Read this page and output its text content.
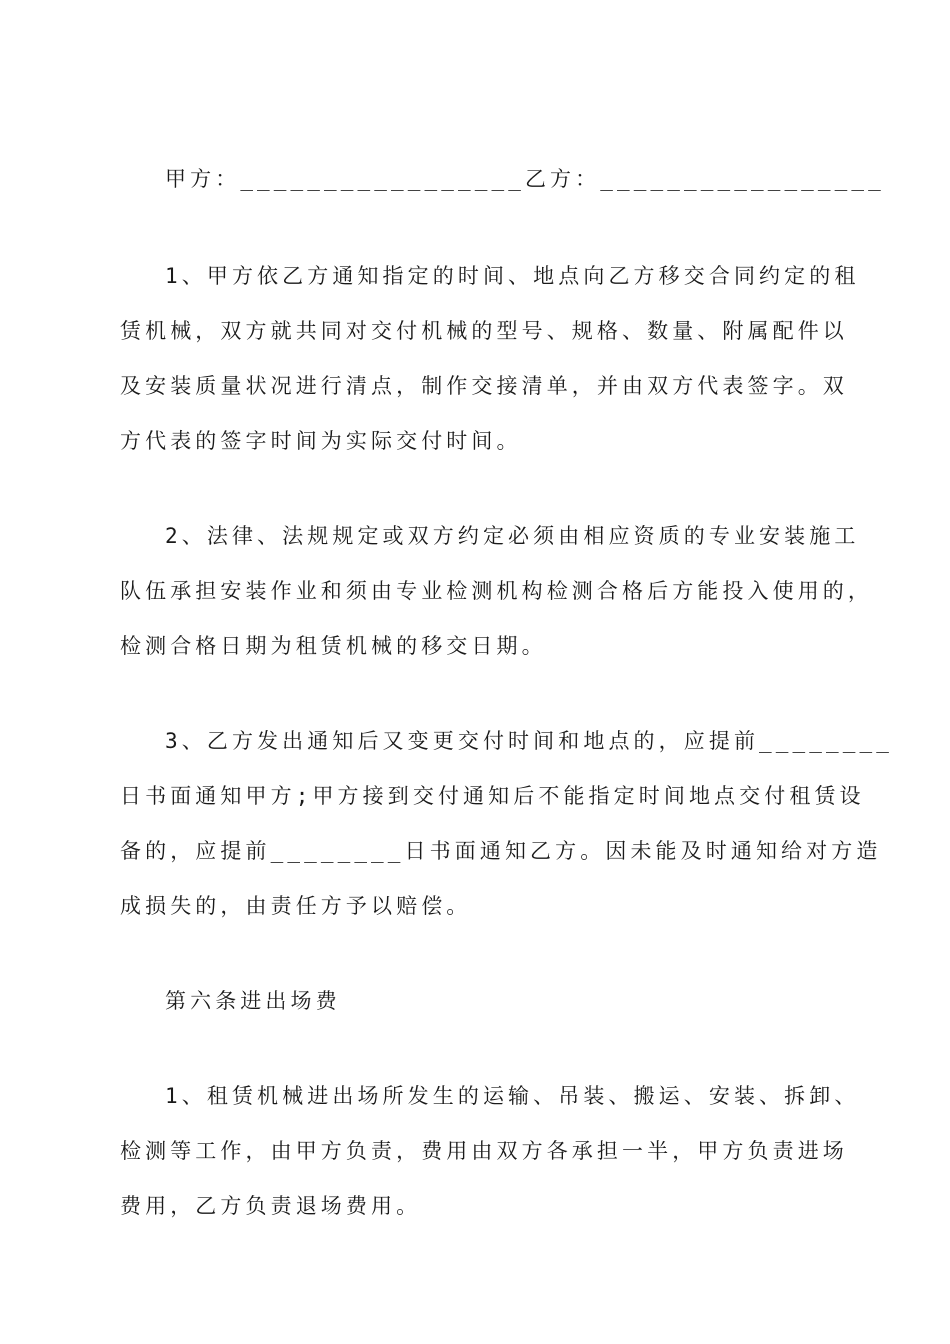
甲方：_________________乙方：_________________
1、甲方依乙方通知指定的时间、地点向乙方移交合同约定的租
赁机械，双方就共同对交付机械的型号、规格、数量、附属配件以
及安装质量状况进行清点，制作交接清单，并由双方代表签字。双
方代表的签字时间为实际交付时间。
2、法律、法规规定或双方约定必须由相应资质的专业安装施工
队伍承担安装作业和须由专业检测机构检测合格后方能投入使用的，
检测合格日期为租赁机械的移交日期。
3、乙方发出通知后又变更交付时间和地点的，应提前________
日书面通知甲方;甲方接到交付通知后不能指定时间地点交付租赁设
备的，应提前________日书面通知乙方。因未能及时通知给对方造
成损失的，由责任方予以赔偿。
第六条进出场费
1、租赁机械进出场所发生的运输、吊装、搬运、安装、拆卸、
检测等工作，由甲方负责，费用由双方各承担一半，甲方负责进场
费用，乙方负责退场费用。
